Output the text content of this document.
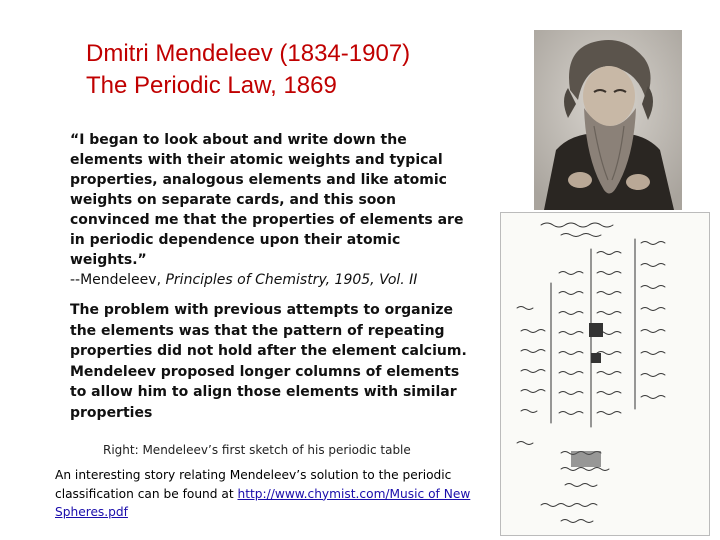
Dmitri Mendeleev (1834-1907)
The Periodic Law, 1869
“I began to look about and write down the elements with their atomic weights and typical properties, analogous elements and like atomic weights on separate cards, and this soon convinced me that the properties of elements are in periodic dependence upon their atomic weights.”
--Mendeleev, Principles of Chemistry, 1905, Vol. II
The problem with previous attempts to organize the elements was that the pattern of repeating properties did not hold after the element calcium. Mendeleev proposed longer columns of elements to allow him to align those elements with similar properties
Right: Mendeleev’s first sketch of his periodic table
An interesting story relating Mendeleev’s solution to the periodic classification can be found at http://www.chymist.com/Music of New Spheres.pdf
